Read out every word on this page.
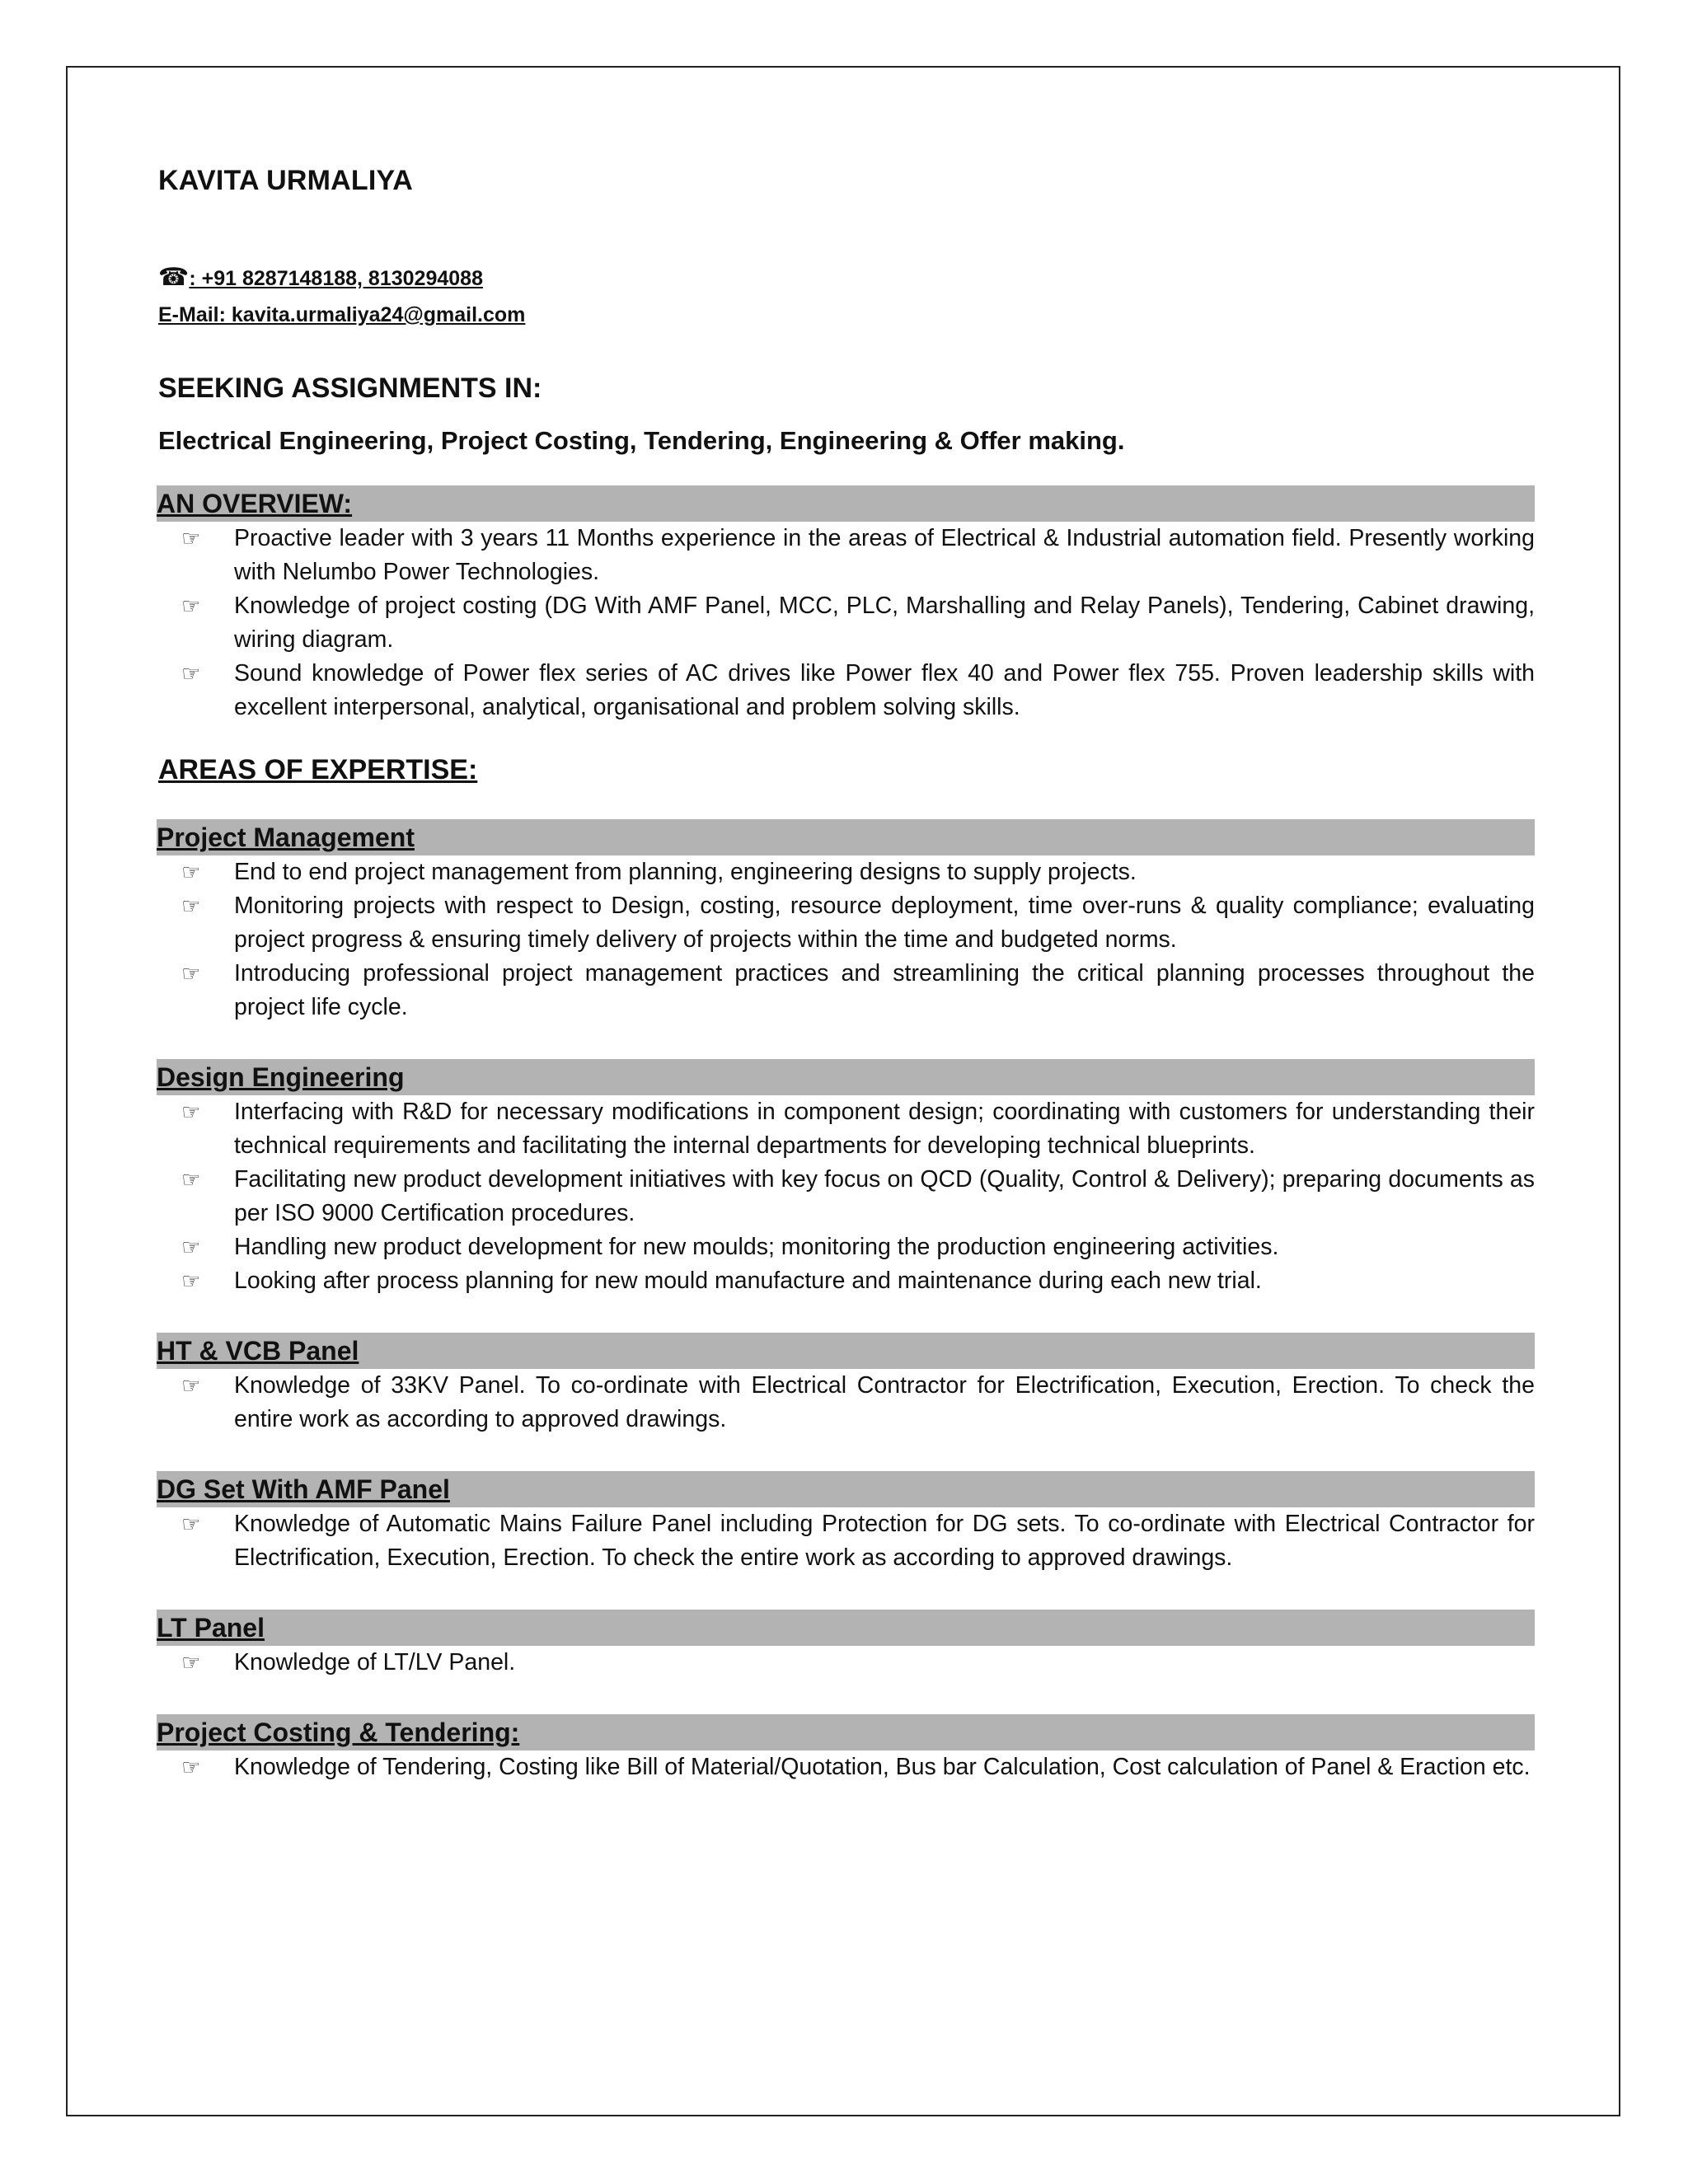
KAVITA URMALIYA
☎: +91 8287148188, 8130294088
E-Mail: kavita.urmaliya24@gmail.com
SEEKING ASSIGNMENTS IN:
Electrical Engineering, Project Costing, Tendering, Engineering & Offer making.
AN OVERVIEW:
☞	Proactive leader with 3 years 11 Months experience in the areas of Electrical & Industrial automation field. Presently working with Nelumbo Power Technologies.
☞	Knowledge of project costing (DG With AMF Panel, MCC, PLC, Marshalling and Relay Panels), Tendering, Cabinet drawing, wiring diagram.
☞	Sound knowledge of Power flex series of AC drives like Power flex 40 and Power flex 755. Proven leadership skills with excellent interpersonal, analytical, organisational and problem solving skills.
AREAS OF EXPERTISE:
Project Management
☞	End to end project management from planning, engineering designs to supply projects.
☞	Monitoring projects with respect to Design, costing, resource deployment, time over-runs & quality compliance; evaluating project progress & ensuring timely delivery of projects within the time and budgeted norms.
☞	Introducing professional project management practices and streamlining the critical planning processes throughout the project life cycle.
Design Engineering
☞	Interfacing with R&D for necessary modifications in component design; coordinating with customers for understanding their technical requirements and facilitating the internal departments for developing technical blueprints.
☞	Facilitating new product development initiatives with key focus on QCD (Quality, Control & Delivery); preparing documents as per ISO 9000 Certification procedures.
☞	Handling new product development for new moulds; monitoring the production engineering activities.
☞	Looking after process planning for new mould manufacture and maintenance during each new trial.
HT & VCB Panel
☞	Knowledge of 33KV Panel. To co-ordinate with Electrical Contractor for Electrification, Execution, Erection. To check the entire work as according to approved drawings.
DG Set With AMF Panel
☞	Knowledge of Automatic Mains Failure Panel including Protection for DG sets. To co-ordinate with Electrical Contractor for Electrification, Execution, Erection. To check the entire work as according to approved drawings.
LT Panel
☞	Knowledge of LT/LV Panel.
Project Costing & Tendering:
☞	Knowledge of Tendering, Costing like Bill of Material/Quotation, Bus bar Calculation, Cost calculation of Panel & Eraction etc.
